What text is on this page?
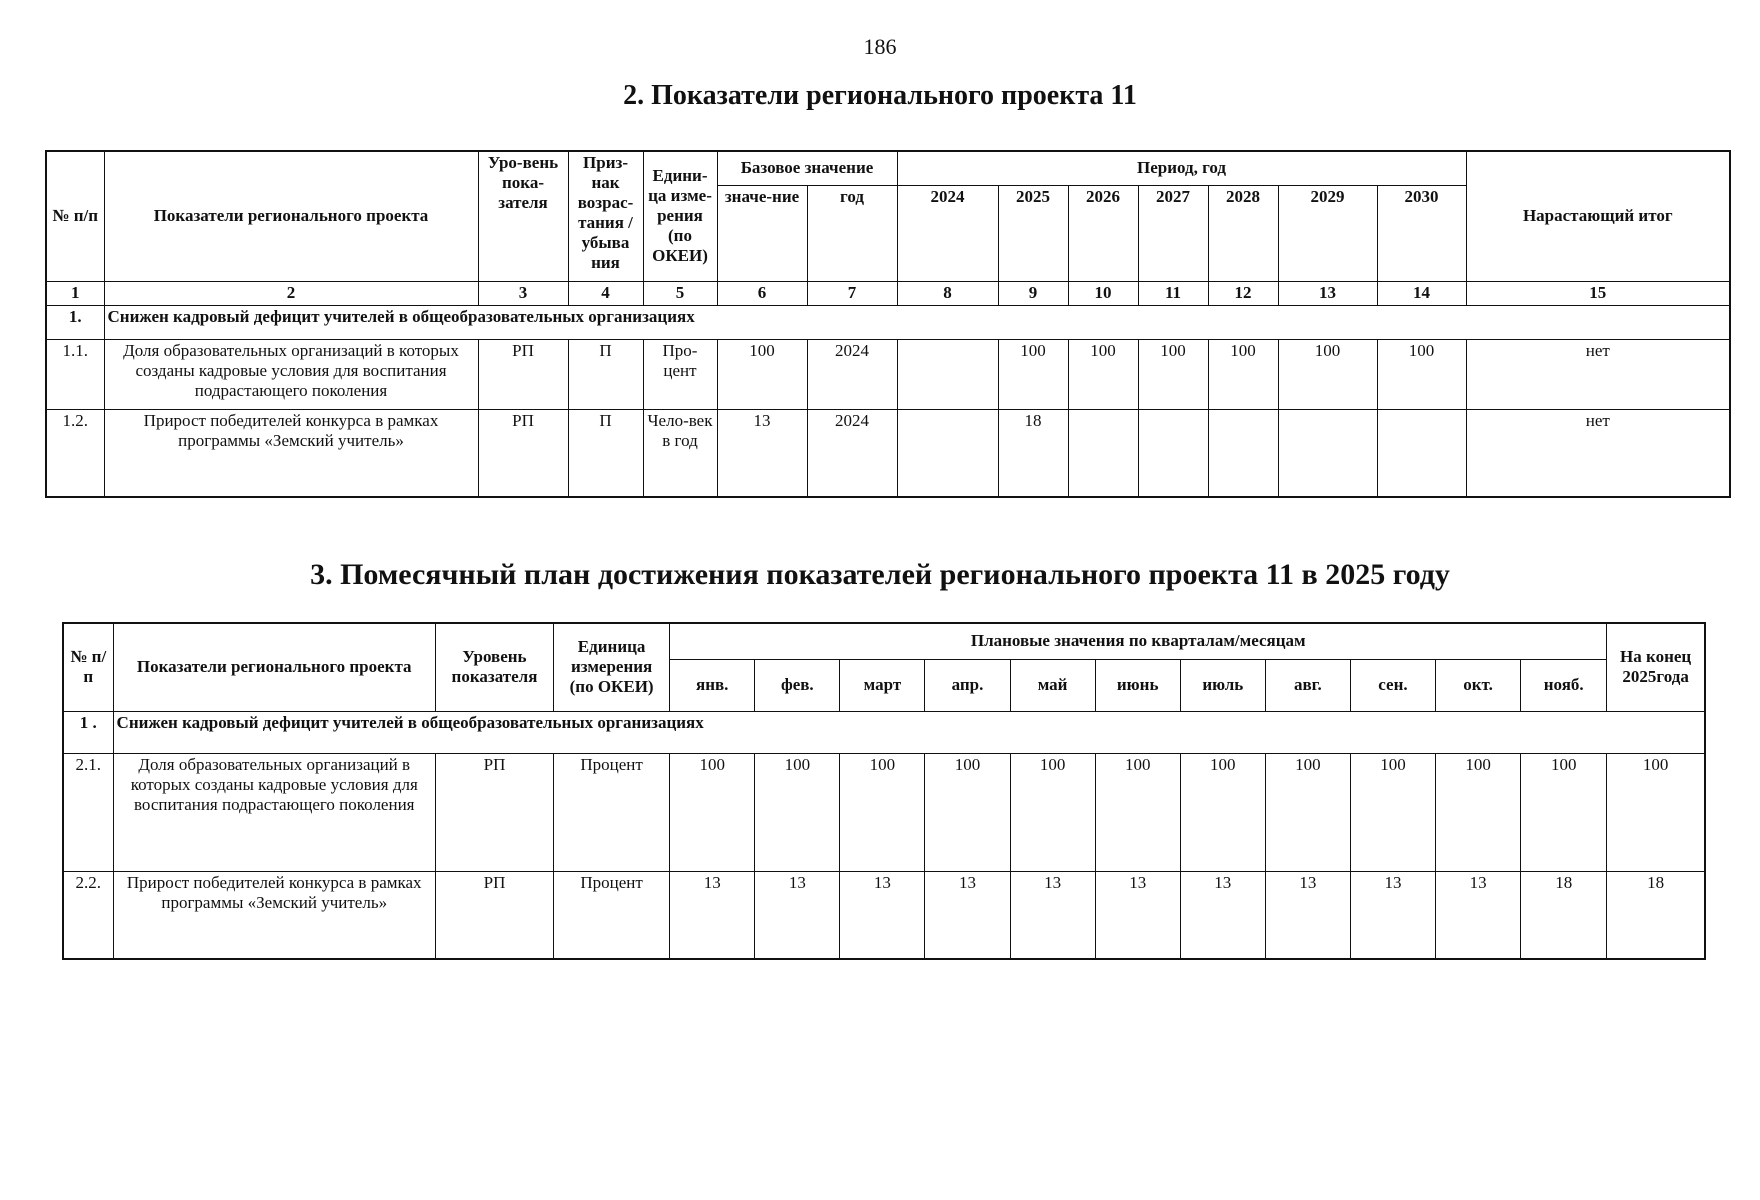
186
2. Показатели регионального проекта 11
№ п/п	Показатели регионального проекта	Уро-вень пока-зателя	Приз-нак возрас-тания / убыва ния	Едини-ца изме-рения (по ОКЕИ)	Базовое значение		Период, год							Нарастающий итог
					значе-ние	год	2024	2025	2026	2027	2028	2029	2030	
1	2	3	4	5	6	7	8	9	10	11	12	13	14	15
1.	Снижен кадровый дефицит учителей в общеобразовательных организациях													
1.1.	Доля образовательных организаций в которых созданы кадровые условия для воспитания подрастающего поколения	РП	П	Про-цент	100	2024		100	100	100	100	100	100	нет
1.2.	Прирост победителей конкурса в рамках программы «Земский учитель»	РП	П	Чело-век в год	13	2024		18						нет
3. Помесячный план достижения показателей регионального проекта 11 в 2025 году
№ п/п	Показатели регионального проекта	Уровень показателя	Единица измерения (по ОКЕИ)	Плановые значения по кварталам/месяцам											На конец 2025года
				янв.	фев.	март	апр.	май	июнь	июль	авг.	сен.	окт.	нояб.	
1 .	Снижен кадровый дефицит учителей в общеобразовательных организациях														
2.1.	Доля образовательных организаций в которых созданы кадровые условия для воспитания подрастающего поколения	РП	Процент	100	100	100	100	100	100	100	100	100	100	100	100
2.2.	Прирост победителей конкурса в рамках программы «Земский учитель»	РП	Процент	13	13	13	13	13	13	13	13	13	13	18	18
